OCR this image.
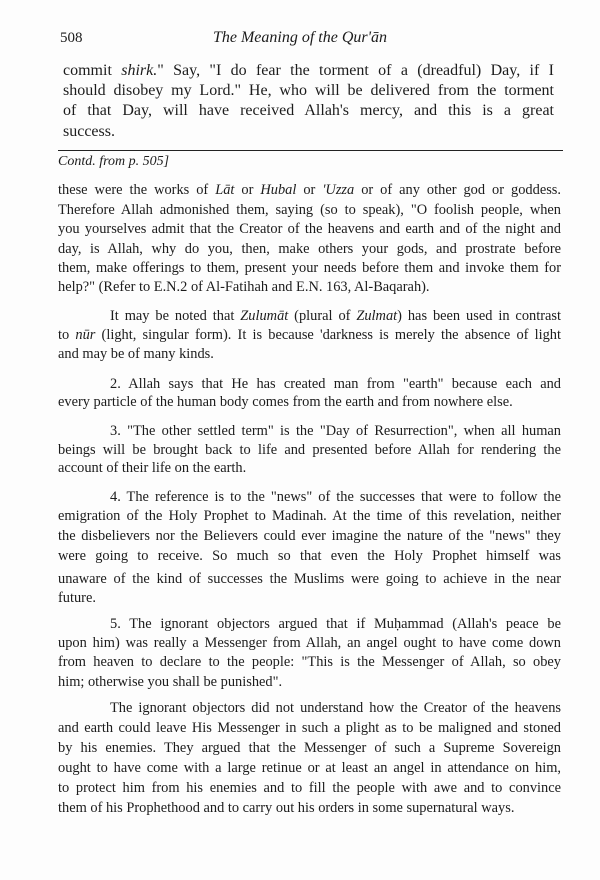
508	The Meaning of the Qur'ān
commit shirk." Say, "I do fear the torment of a (dreadful) Day, if I
should disobey my Lord." He, who will be delivered from the torment
of that Day, will have received Allah's mercy, and this is a great
success.
Contd. from p. 505]
these were the works of Lāt or Hubal or 'Uzza or of any other god or goddess.
Therefore Allah admonished them, saying (so to speak), "O foolish people, when
you yourselves admit that the Creator of the heavens and earth and of the night and
day, is Allah, why do you, then, make others your gods, and prostrate before
them, make offerings to them, present your needs before them and invoke them for
help?" (Refer to E.N.2 of Al-Fatihah and E.N. 163, Al-Baqarah).
It may be noted that Zulumāt (plural of Zulmat) has been used in contrast
to nūr (light, singular form). It is because 'darkness is merely the absence of light
and may be of many kinds.
2. Allah says that He has created man from "earth" because each and
every particle of the human body comes from the earth and from nowhere else.
3. "The other settled term" is the "Day of Resurrection", when all human
beings will be brought back to life and presented before Allah for rendering the
account of their life on the earth.
4. The reference is to the "news" of the successes that were to follow the
emigration of the Holy Prophet to Madinah. At the time of this revelation, neither
the disbelievers nor the Believers could ever imagine the nature of the "news" they
were going to receive. So much so that even the Holy Prophet himself was
unaware of the kind of successes the Muslims were going to achieve in the near
future.
5. The ignorant objectors argued that if Muḥammad (Allah's peace be
upon him) was really a Messenger from Allah, an angel ought to have come down
from heaven to declare to the people: "This is the Messenger of Allah, so obey
him; otherwise you shall be punished".
The ignorant objectors did not understand how the Creator of the heavens
and earth could leave His Messenger in such a plight as to be maligned and stoned
by his enemies. They argued that the Messenger of such a Supreme Sovereign
ought to have come with a large retinue or at least an angel in attendance on him,
to protect him from his enemies and to fill the people with awe and to convince
them of his Prophethood and to carry out his orders in some supernatural ways.
